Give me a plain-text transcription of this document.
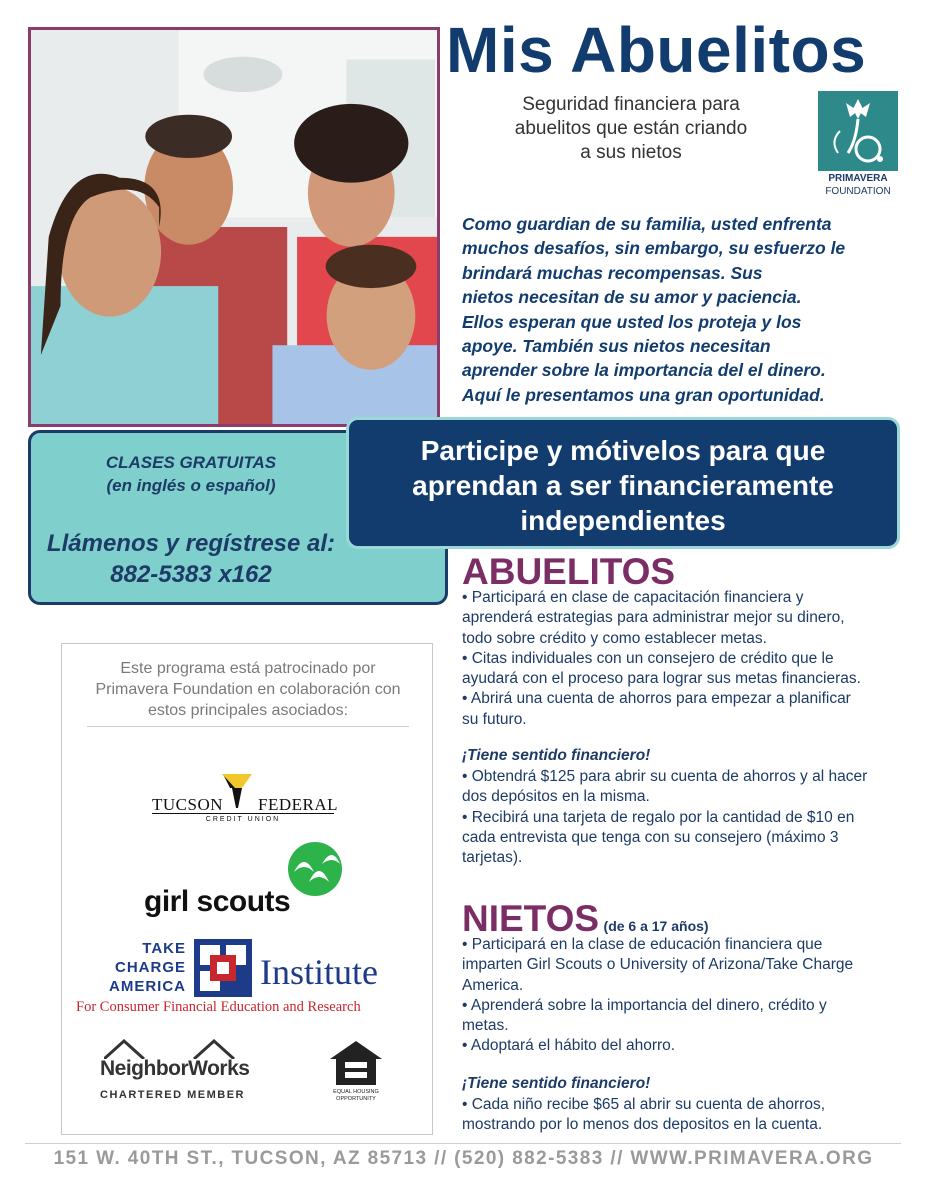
Mis Abuelitos
Seguridad financiera para
abuelitos que están criando
a sus nietos
PRIMAVERA
FOUNDATION
Como guardian de su familia, usted enfrenta
muchos desafíos, sin embargo, su esfuerzo le
brindará muchas recompensas. Sus
nietos necesitan de su amor y paciencia.
Ellos esperan que usted los proteja y los
apoye. También sus nietos necesitan
aprender sobre la importancia del el dinero.
Aquí le presentamos una gran oportunidad.
CLASES GRATUITAS
(en inglés o español)
Llámenos y regístrese al:
882-5383 x162
Participe y mótivelos para que
aprendan a ser financieramente
independientes
Este programa está patrocinado por
Primavera Foundation en colaboración con
estos principales asociados:
TUCSON FEDERAL
CREDIT UNION
girl scouts
TAKE
CHARGE
AMERICA Institute
For Consumer Financial Education and Research
NeighborWorks
CHARTERED MEMBER	EQUAL HOUSING
OPPORTUNITY
ABUELITOS
• Participará en clase de capacitación financiera y
aprenderá estrategias para administrar mejor su dinero,
todo sobre crédito y como establecer metas.
• Citas individuales con un consejero de crédito que le
ayudará con el proceso para lograr sus metas financieras.
• Abrirá una cuenta de ahorros para empezar a planificar
su futuro.
¡Tiene sentido financiero!
• Obtendrá $125 para abrir su cuenta de ahorros y al hacer
dos depósitos en la misma.
• Recibirá una tarjeta de regalo por la cantidad de $10 en
cada entrevista que tenga con su consejero (máximo 3
tarjetas).
NIETOS (de 6 a 17 años)
• Participará en la clase de educación financiera que
imparten Girl Scouts o University of Arizona/Take Charge
America.
• Aprenderá sobre la importancia del dinero, crédito y
metas.
• Adoptará el hábito del ahorro.
¡Tiene sentido financiero!
• Cada niño recibe $65 al abrir su cuenta de ahorros,
mostrando por lo menos dos depositos en la cuenta.
151 W. 40TH ST., TUCSON, AZ 85713 // (520) 882-5383 // WWW.PRIMAVERA.ORG
